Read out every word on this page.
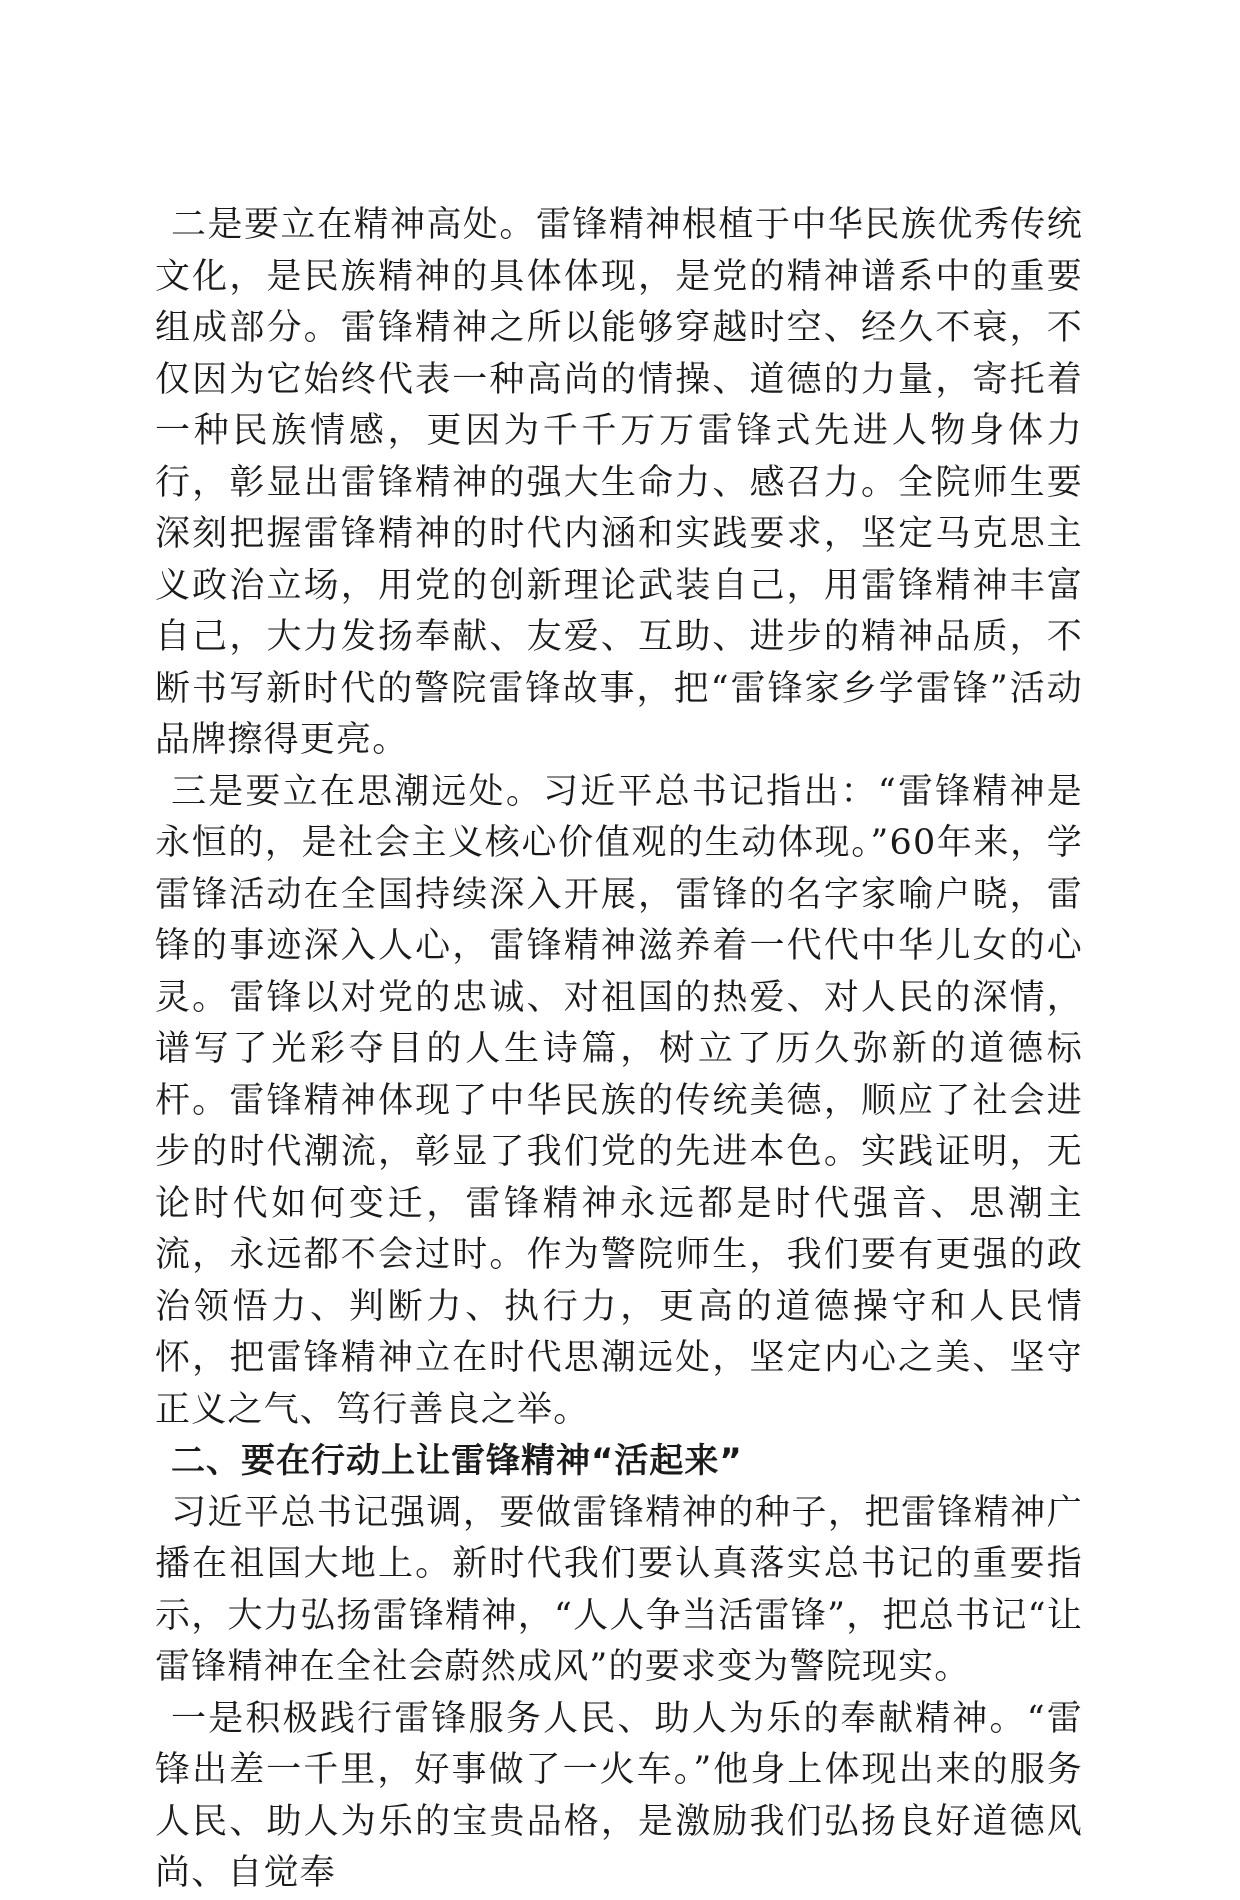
二是要立在精神高处。雷锋精神根植于中华民族优秀传统文化，是民族精神的具体体现，是党的精神谱系中的重要组成部分。雷锋精神之所以能够穿越时空、经久不衰，不仅因为它始终代表一种高尚的情操、道德的力量，寄托着一种民族情感，更因为千千万万雷锋式先进人物身体力行，彰显出雷锋精神的强大生命力、感召力。全院师生要深刻把握雷锋精神的时代内涵和实践要求，坚定马克思主义政治立场，用党的创新理论武装自己，用雷锋精神丰富自己，大力发扬奉献、友爱、互助、进步的精神品质，不断书写新时代的警院雷锋故事，把“雷锋家乡学雷锋”活动品牌擦得更亮。

三是要立在思潮远处。习近平总书记指出：“雷锋精神是永恒的，是社会主义核心价值观的生动体现。”60年来，学雷锋活动在全国持续深入开展，雷锋的名字家喻户晓，雷锋的事迹深入人心，雷锋精神滋养着一代代中华儿女的心灵。雷锋以对党的忠诚、对祖国的热爱、对人民的深情，谱写了光彩夺目的人生诗篇，树立了历久弥新的道德标杆。雷锋精神体现了中华民族的传统美德，顺应了社会进步的时代潮流，彰显了我们党的先进本色。实践证明，无论时代如何变迁，雷锋精神永远都是时代强音、思潮主流，永远都不会过时。作为警院师生，我们要有更强的政治领悟力、判断力、执行力，更高的道德操守和人民情怀，把雷锋精神立在时代思潮远处，坚定内心之美、坚守正义之气、笃行善良之举。

二、要在行动上让雷锋精神“活起来”

习近平总书记强调，要做雷锋精神的种子，把雷锋精神广播在祖国大地上。新时代我们要认真落实总书记的重要指示，大力弘扬雷锋精神，“人人争当活雷锋”，把总书记“让雷锋精神在全社会蔚然成风”的要求变为警院现实。

一是积极践行雷锋服务人民、助人为乐的奉献精神。“雷锋出差一千里，好事做了一火车。”他身上体现出来的服务人民、助人为乐的宝贵品格，是激励我们弘扬良好道德风尚、自觉奉
